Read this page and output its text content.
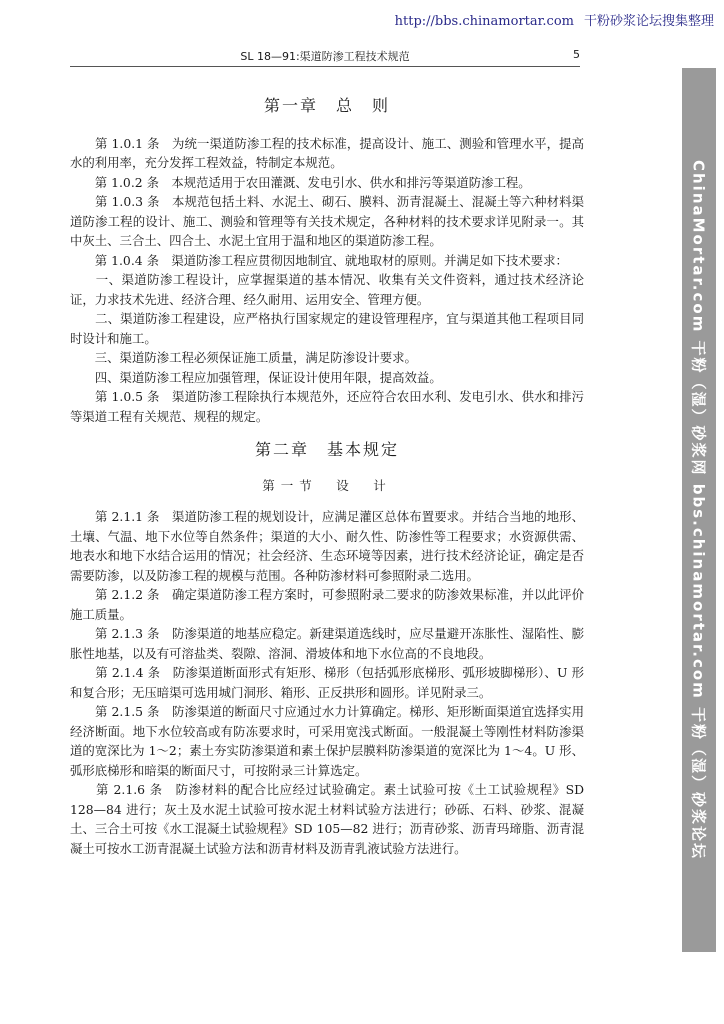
http://bbs.chinamortar.com 干粉砂浆论坛搜集整理
SL 18—91:渠道防渗工程技术规范	5
ChinaMortar.com 干粉（湿）砂浆网 bbs.chinamortar.com 干粉（湿）砂浆论坛
第一章　总　则

　　第 1.0.1 条　为统一渠道防渗工程的技术标准，提高设计、施工、测验和管理水平，提高水的利用率，充分发挥工程效益，特制定本规范。

　　第 1.0.2 条　本规范适用于农田灌溉、发电引水、供水和排污等渠道防渗工程。

　　第 1.0.3 条　本规范包括土料、水泥土、砌石、膜料、沥青混凝土、混凝土等六种材料渠道防渗工程的设计、施工、测验和管理等有关技术规定，各种材料的技术要求详见附录一。其中灰土、三合土、四合土、水泥土宜用于温和地区的渠道防渗工程。

　　第 1.0.4 条　渠道防渗工程应贯彻因地制宜、就地取材的原则。并满足如下技术要求：

　　一、渠道防渗工程设计，应掌握渠道的基本情况、收集有关文件资料，通过技术经济论证，力求技术先进、经济合理、经久耐用、运用安全、管理方便。

　　二、渠道防渗工程建设，应严格执行国家规定的建设管理程序，宜与渠道其他工程项目同时设计和施工。

　　三、渠道防渗工程必须保证施工质量，满足防渗设计要求。

　　四、渠道防渗工程应加强管理，保证设计使用年限，提高效益。

　　第 1.0.5 条　渠道防渗工程除执行本规范外，还应符合农田水利、发电引水、供水和排污等渠道工程有关规范、规程的规定。

第二章　基本规定
第一节　设　计

　　第 2.1.1 条　渠道防渗工程的规划设计，应满足灌区总体布置要求。并结合当地的地形、土壤、气温、地下水位等自然条件；渠道的大小、耐久性、防渗性等工程要求；水资源供需、地表水和地下水结合运用的情况；社会经济、生态环境等因素，进行技术经济论证，确定是否需要防渗，以及防渗工程的规模与范围。各种防渗材料可参照附录二选用。

　　第 2.1.2 条　确定渠道防渗工程方案时，可参照附录二要求的防渗效果标准，并以此评价施工质量。

　　第 2.1.3 条　防渗渠道的地基应稳定。新建渠道选线时，应尽量避开冻胀性、湿陷性、膨胀性地基，以及有可溶盐类、裂隙、溶洞、滑坡体和地下水位高的不良地段。

　　第 2.1.4 条　防渗渠道断面形式有矩形、梯形（包括弧形底梯形、弧形坡脚梯形）、U 形和复合形；无压暗渠可选用城门洞形、箱形、正反拱形和圆形。详见附录三。

　　第 2.1.5 条　防渗渠道的断面尺寸应通过水力计算确定。梯形、矩形断面渠道宜选择实用经济断面。地下水位较高或有防冻要求时，可采用宽浅式断面。一般混凝土等刚性材料防渗渠道的宽深比为 1～2；素土夯实防渗渠道和素土保护层膜料防渗渠道的宽深比为 1～4。U 形、弧形底梯形和暗渠的断面尺寸，可按附录三计算选定。

　　第 2.1.6 条　防渗材料的配合比应经过试验确定。素土试验可按《土工试验规程》SD 128—84 进行；灰土及水泥土试验可按水泥土材料试验方法进行；砂砾、石料、砂浆、混凝土、三合土可按《水工混凝土试验规程》SD 105—82 进行；沥青砂浆、沥青玛𤧛脂、沥青混凝土可按水工沥青混凝土试验方法和沥青材料及沥青乳液试验方法进行。
